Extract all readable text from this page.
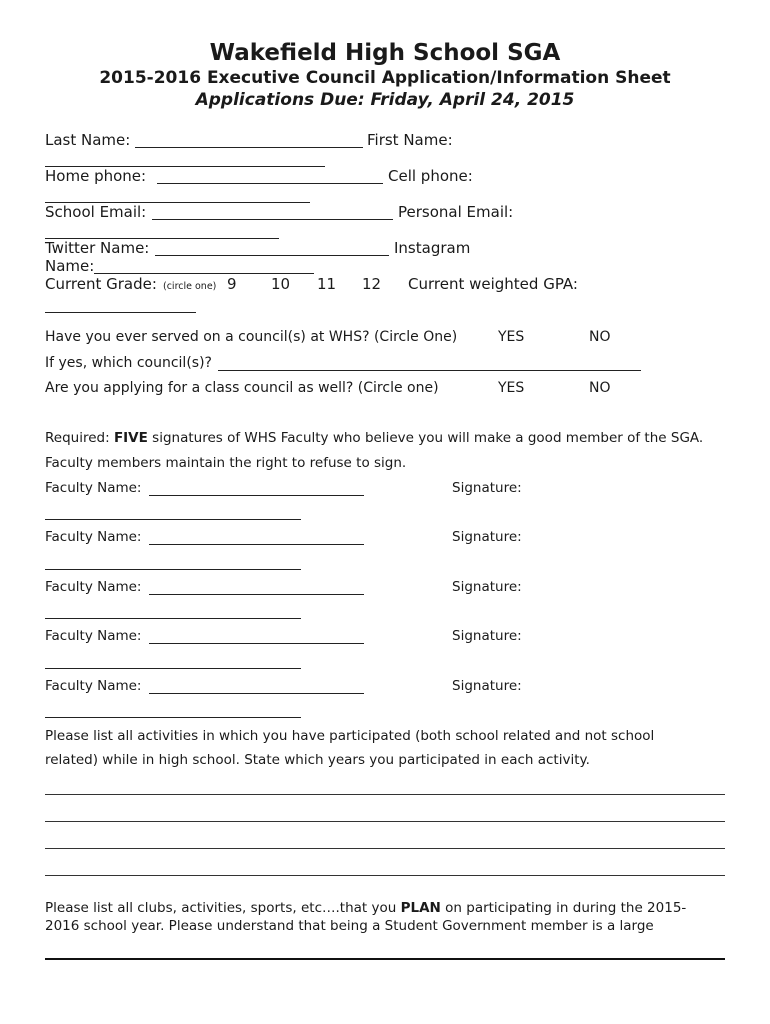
Wakefield High School SGA
2015-2016 Executive Council Application/Information Sheet
Applications Due: Friday, April 24, 2015
Last Name:	First Name:
Home phone:	Cell phone:
School Email:	Personal Email:
Twitter Name:	Instagram
Name:
Current Grade: (circle one) 9 10 11 12 Current weighted GPA:
Have you ever served on a council(s) at WHS? (Circle One)	YES	NO
If yes, which council(s)?
Are you applying for a class council as well? (Circle one)	YES	NO
Required: FIVE signatures of WHS Faculty who believe you will make a good member of the SGA.
Faculty members maintain the right to refuse to sign.
Faculty Name:	Signature:
Faculty Name:	Signature:
Faculty Name:	Signature:
Faculty Name:	Signature:
Faculty Name:	Signature:
Please list all activities in which you have participated (both school related and not school
related) while in high school. State which years you participated in each activity.
Please list all clubs, activities, sports, etc….that you PLAN on participating in during the 2015-
2016 school year. Please understand that being a Student Government member is a large
